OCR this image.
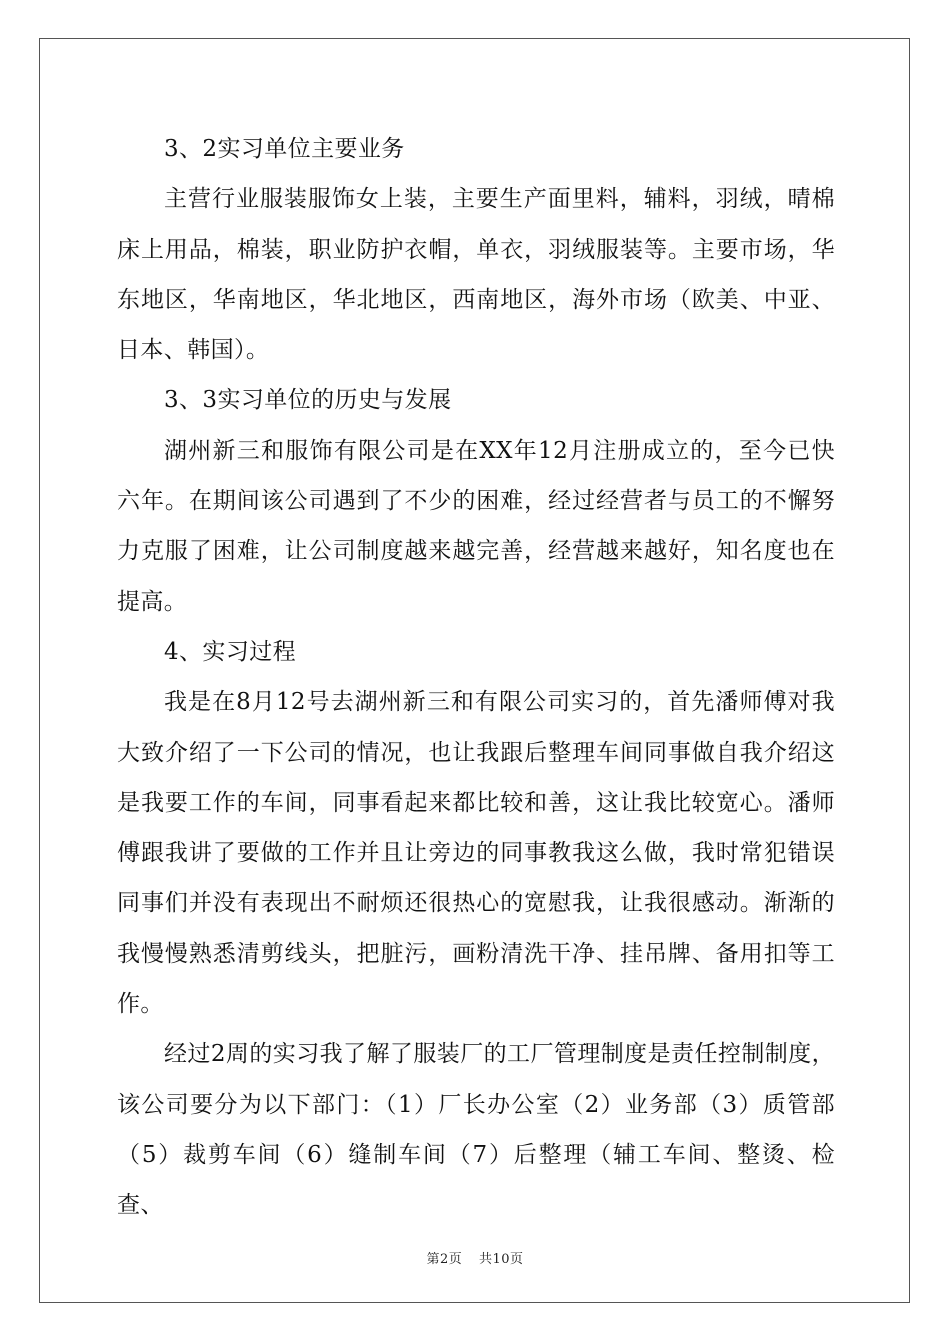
3、2实习单位主要业务

主营行业服装服饰女上装，主要生产面里料，辅料，羽绒，晴棉床上用品，棉装，职业防护衣帽，单衣，羽绒服装等。主要市场，华东地区，华南地区，华北地区，西南地区，海外市场（欧美、中亚、日本、韩国）。

3、3实习单位的历史与发展

湖州新三和服饰有限公司是在XX年12月注册成立的，至今已快六年。在期间该公司遇到了不少的困难，经过经营者与员工的不懈努力克服了困难，让公司制度越来越完善，经营越来越好，知名度也在提高。

4、实习过程

我是在8月12号去湖州新三和有限公司实习的，首先潘师傅对我大致介绍了一下公司的情况，也让我跟后整理车间同事做自我介绍这是我要工作的车间，同事看起来都比较和善，这让我比较宽心。潘师傅跟我讲了要做的工作并且让旁边的同事教我这么做，我时常犯错误同事们并没有表现出不耐烦还很热心的宽慰我，让我很感动。渐渐的我慢慢熟悉清剪线头，把脏污，画粉清洗干净、挂吊牌、备用扣等工作。

经过2周的实习我了解了服装厂的工厂管理制度是责任控制制度，该公司要分为以下部门：（1）厂长办公室（2）业务部（3）质管部（5）裁剪车间（6）缝制车间（7）后整理（辅工车间、整烫、检查、

第2页 共10页
